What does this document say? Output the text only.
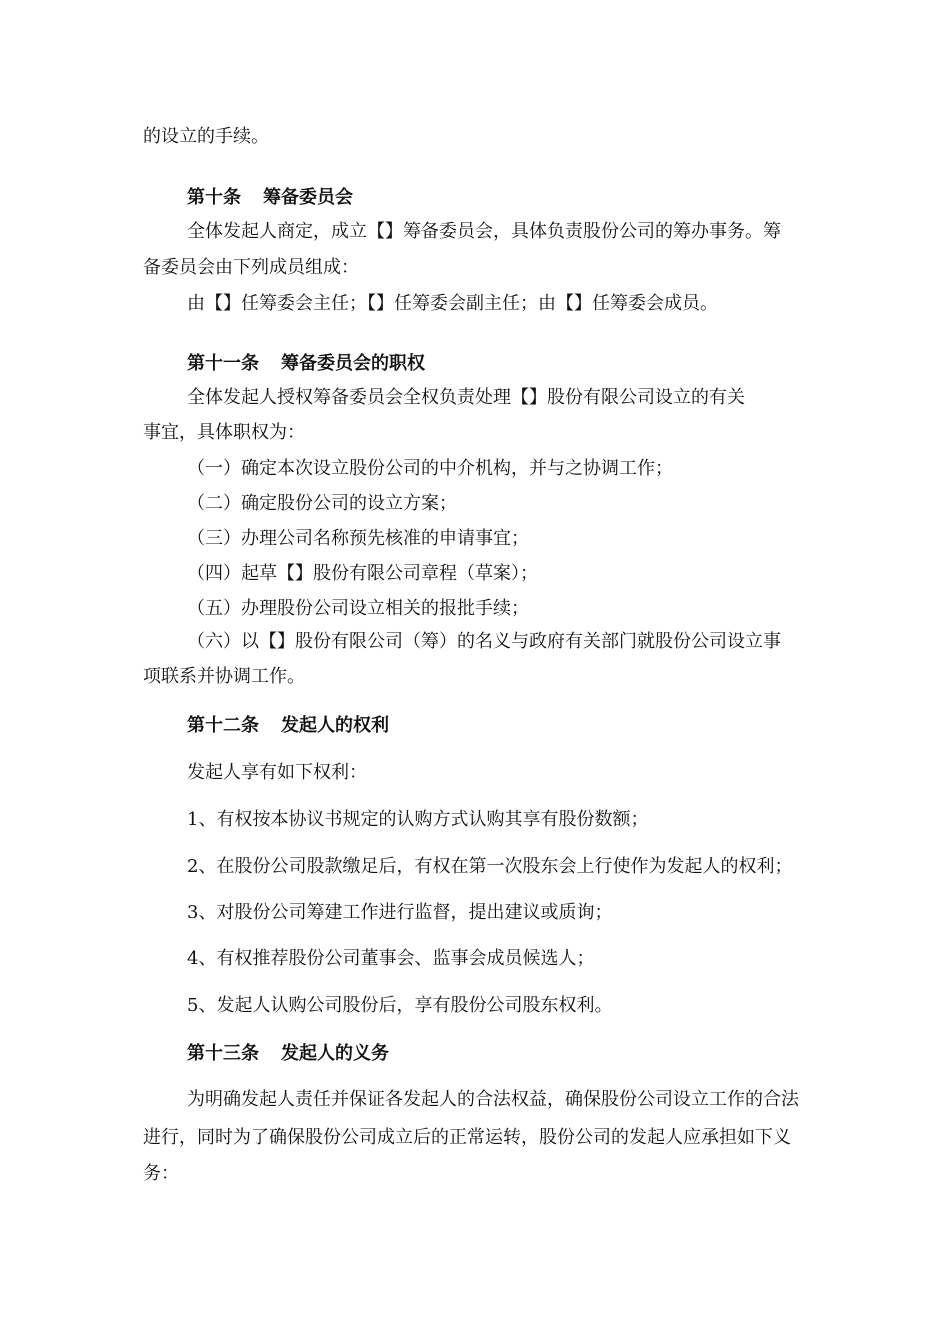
的设立的手续。
第十条 筹备委员会
全体发起人商定，成立【】筹备委员会，具体负责股份公司的筹办事务。筹
备委员会由下列成员组成：
由【】任筹委会主任；【】任筹委会副主任；由【】任筹委会成员。
第十一条 筹备委员会的职权
全体发起人授权筹备委员会全权负责处理【】股份有限公司设立的有关
事宜，具体职权为：
（一）确定本次设立股份公司的中介机构，并与之协调工作；
（二）确定股份公司的设立方案；
（三）办理公司名称预先核准的申请事宜；
（四）起草【】股份有限公司章程（草案）；
（五）办理股份公司设立相关的报批手续；
（六）以【】股份有限公司（筹）的名义与政府有关部门就股份公司设立事
项联系并协调工作。
第十二条 发起人的权利
发起人享有如下权利：
1、有权按本协议书规定的认购方式认购其享有股份数额；
2、在股份公司股款缴足后，有权在第一次股东会上行使作为发起人的权利；
3、对股份公司筹建工作进行监督，提出建议或质询；
4、有权推荐股份公司董事会、监事会成员候选人；
5、发起人认购公司股份后，享有股份公司股东权利。
第十三条 发起人的义务
为明确发起人责任并保证各发起人的合法权益，确保股份公司设立工作的合法
进行，同时为了确保股份公司成立后的正常运转，股份公司的发起人应承担如下义
务：
